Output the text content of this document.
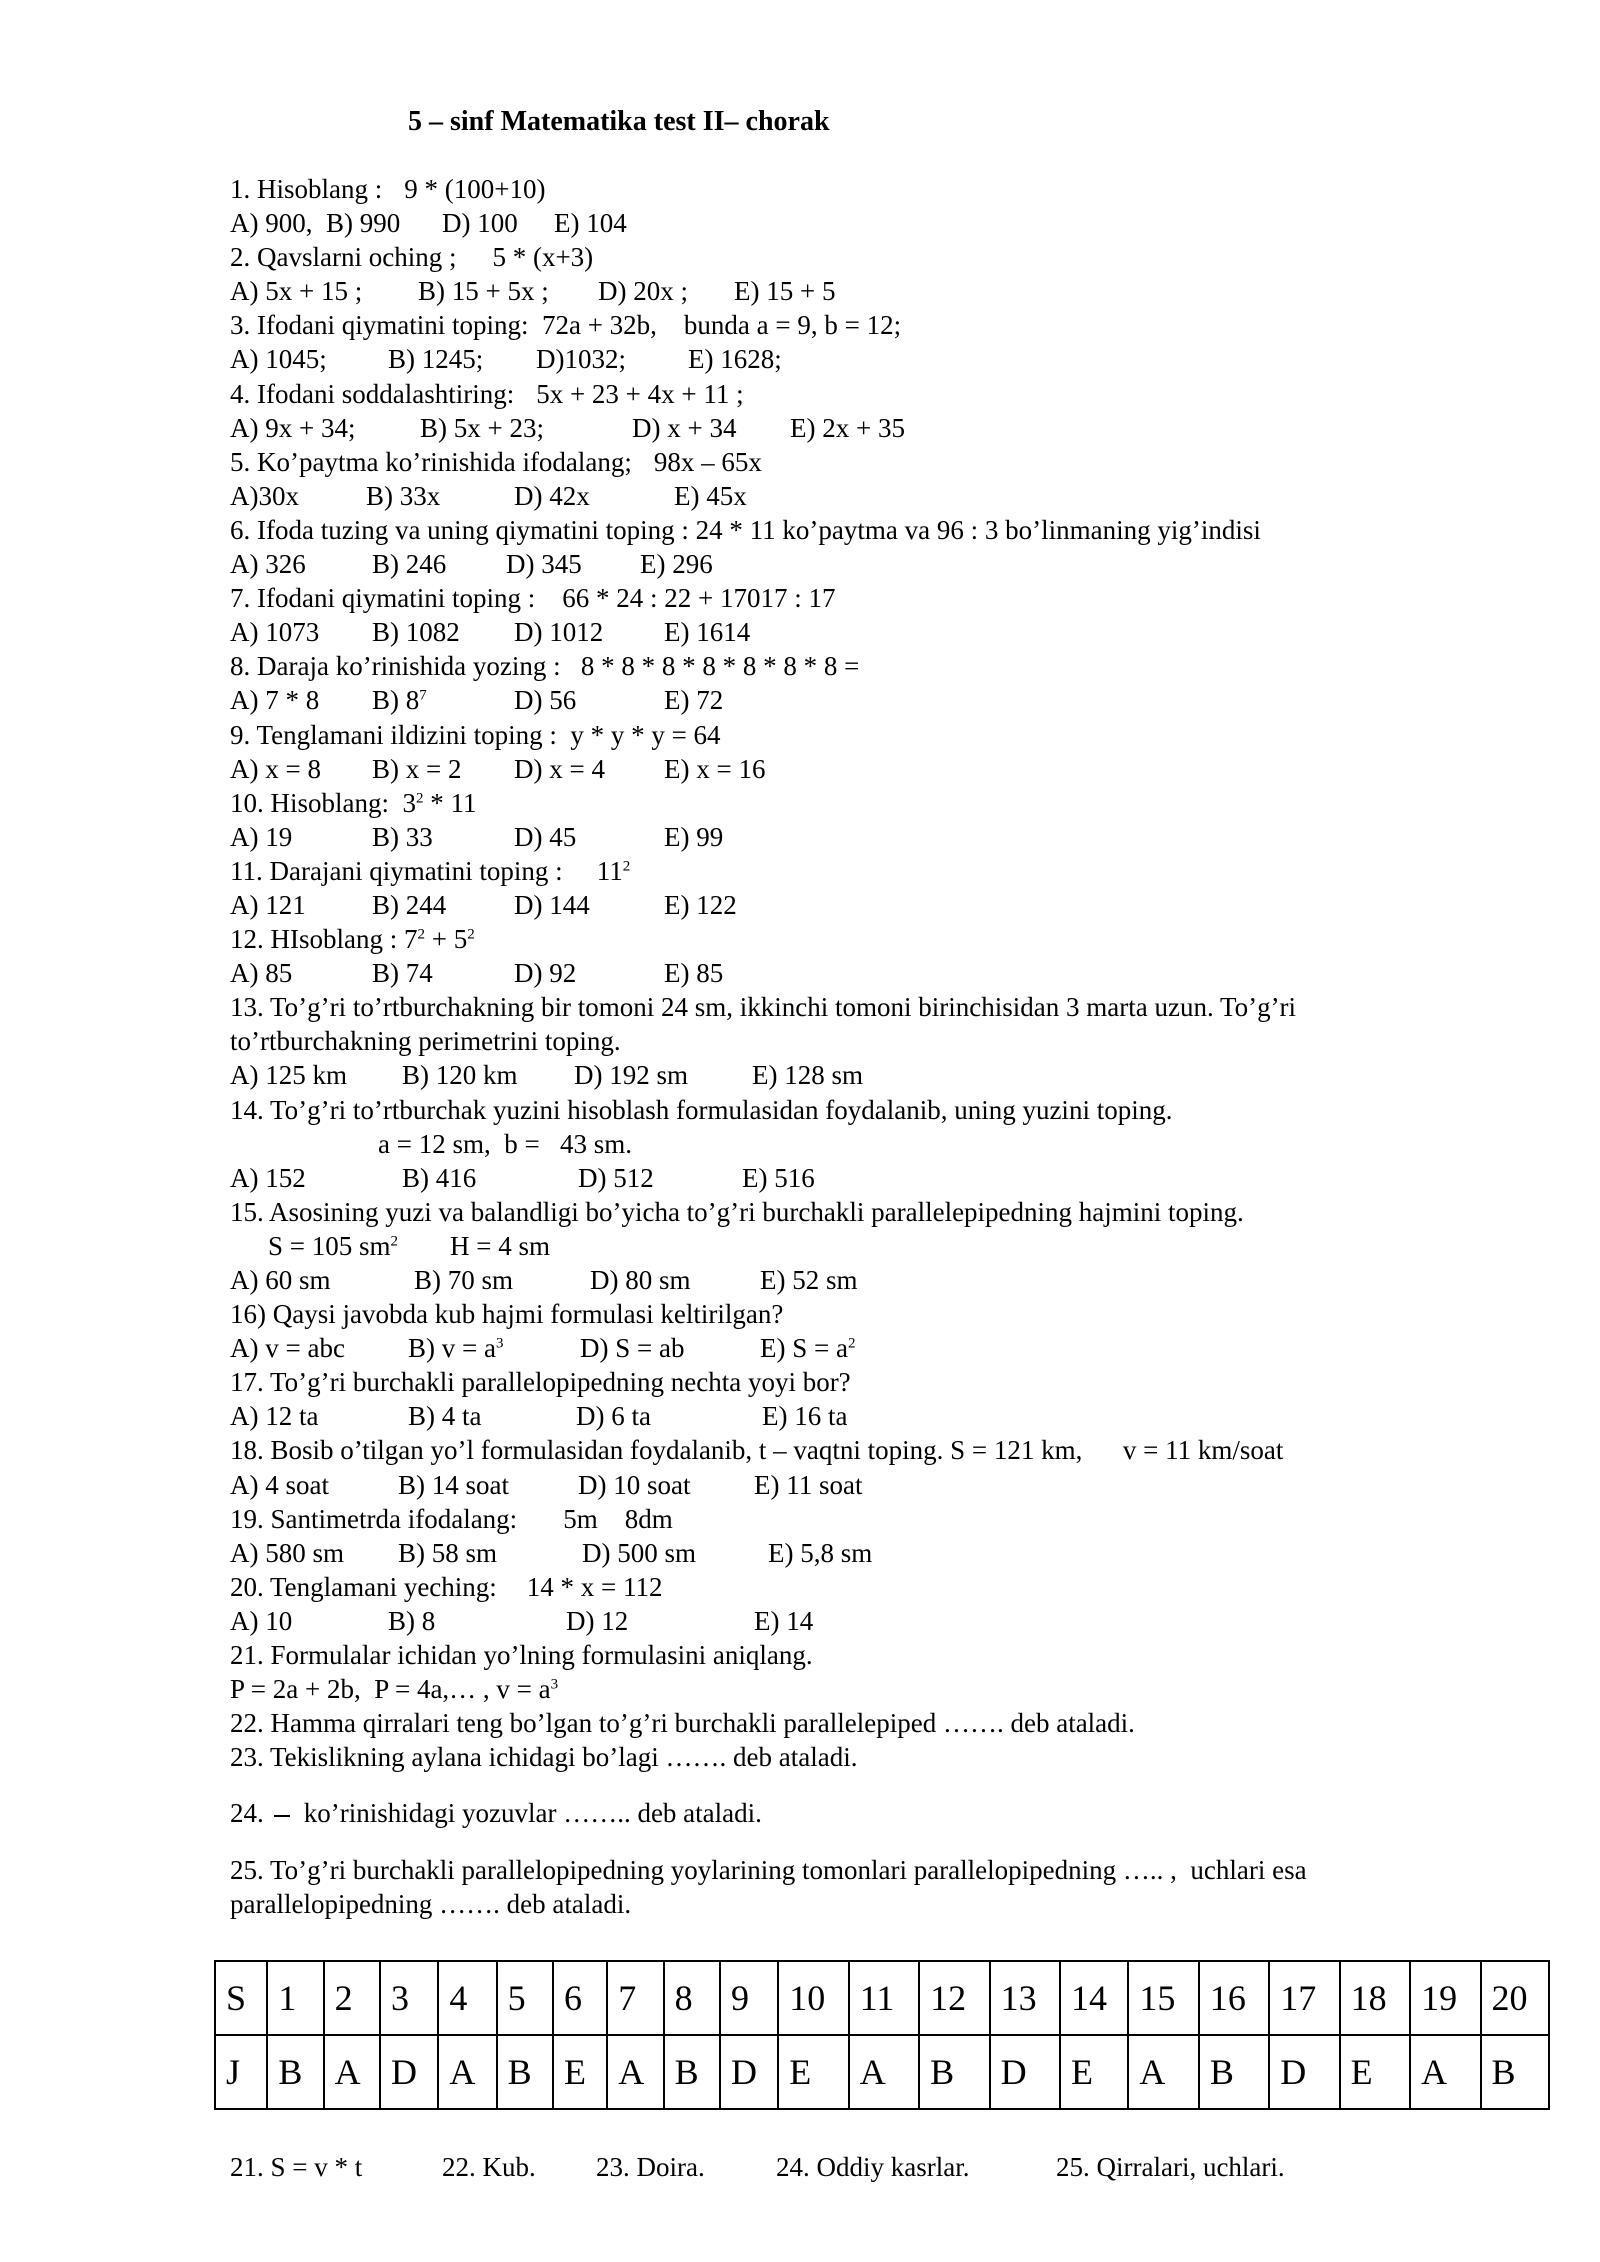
5 – sinf Matematika test II– chorak
1. Hisoblang : 9 * (100+10)
A) 900, B) 990 D) 100 E) 104
2. Qavslarni oching ; 5 * (x+3)
A) 5x + 15 ; B) 15 + 5x ; D) 20x ; E) 15 + 5
3. Ifodani qiymatini toping:  72a + 32b,    bunda a = 9, b = 12;
A) 1045; B) 1245; D)1032; E) 1628;
4. Ifodani soddalashtiring: 5x + 23 + 4x + 11 ;
A) 9x + 34; B) 5x + 23;	D) x + 34 E) 2x + 35
5. Ko’paytma ko’rinishida ifodalang; 98x – 65x
A)30x B) 33x	D) 42x	E) 45x
6. Ifoda tuzing va uning qiymatini toping : 24 * 11 ko’paytma va 96 : 3 bo’linmaning yig’indisi
A) 326 B) 246 D) 345 E) 296
7. Ifodani qiymatini toping :    66 * 24 : 22 + 17017 : 17
A) 1073 B) 1082 D) 1012 E) 1614
8. Daraja ko’rinishida yozing :   8 * 8 * 8 * 8 * 8 * 8 * 8 =
A) 7 * 8 B) $8^7$	D) 56	E) 72
9. Tenglamani ildizini toping :  y * y * y = 64
A) x = 8 B) x = 2 D) x = 4 E) x = 16
10. Hisoblang:  $3^2 * 11$
A) 19	B) 33	D) 45	E) 99
11. Darajani qiymatini toping : $11^2$
A) 121 B) 244	D) 144	E) 122
12. HIsoblang : $7^2 + 5^2$
A) 85	B) 74	D) 92	E) 85
13. To’g’ri to’rtburchakning bir tomoni 24 sm, ikkinchi tomoni birinchisidan 3 marta uzun. To’g’ri
to’rtburchakning perimetrini toping.
A) 125 km B) 120 km D) 192 sm E) 128 sm
14. To’g’ri to’rtburchak yuzini hisoblash formulasidan foydalanib, uning yuzini toping.
a = 12 sm,  b =   43 sm.
A) 152	B) 416	D) 512	E) 516
15. Asosining yuzi va balandligi bo’yicha to’g’ri burchakli parallelepipedning hajmini toping.
S = 105 $sm^2$ H = 4 sm
A) 60 sm	B) 70 sm	D) 80 sm	E) 52 sm
16) Qaysi javobda kub hajmi formulasi keltirilgan?
A) v = abc B) $v = a^3$	D) S = ab	E) $S = a^2$
17. To’g’ri burchakli parallelopipedning nechta yoyi bor?
A) 12 ta	B) 4 ta	D) 6 ta	E) 16 ta
18. Bosib o’tilgan yo’l formulasidan foydalanib, t – vaqtni toping. S = 121 km,      v = 11 km/soat
A) 4 soat	B) 14 soat	D) 10 soat E) 11 soat
19. Santimetrda ifodalang: 5m    8dm
A) 580 sm B) 58 sm	D) 500 sm	E) 5,8 sm
20. Tenglamani yeching: 14 * x = 112
A) 10	B) 8	D) 12	E) 14
21. Formulalar ichidan yo’lning formulasini aniqlang.
P = 2a + 2b,  P = 4a,… , $v = a^3$
22. Hamma qirralari teng bo’lgan to’g’ri burchakli parallelepiped ……. deb ataladi.
23. Tekislikning aylana ichidagi bo’lagi ……. deb ataladi.
24. ko’rinishidagi yozuvlar …….. deb ataladi.
25. To’g’ri burchakli parallelopipedning yoylarining tomonlari parallelopipedning ….. ,  uchlari esa
parallelopipedning ……. deb ataladi.
S	1	2	3	4	5	6	7	8	9	10	11	12	13	14	15	16	17	18	19	20
J	B	A	D	A	B	E	A	B	D	E	A	B	D	E	A	B	D	E	A	B
21. S = v * t	22. Kub. 23. Doira.	24. Oddiy kasrlar.	25. Qirralari, uchlari.
